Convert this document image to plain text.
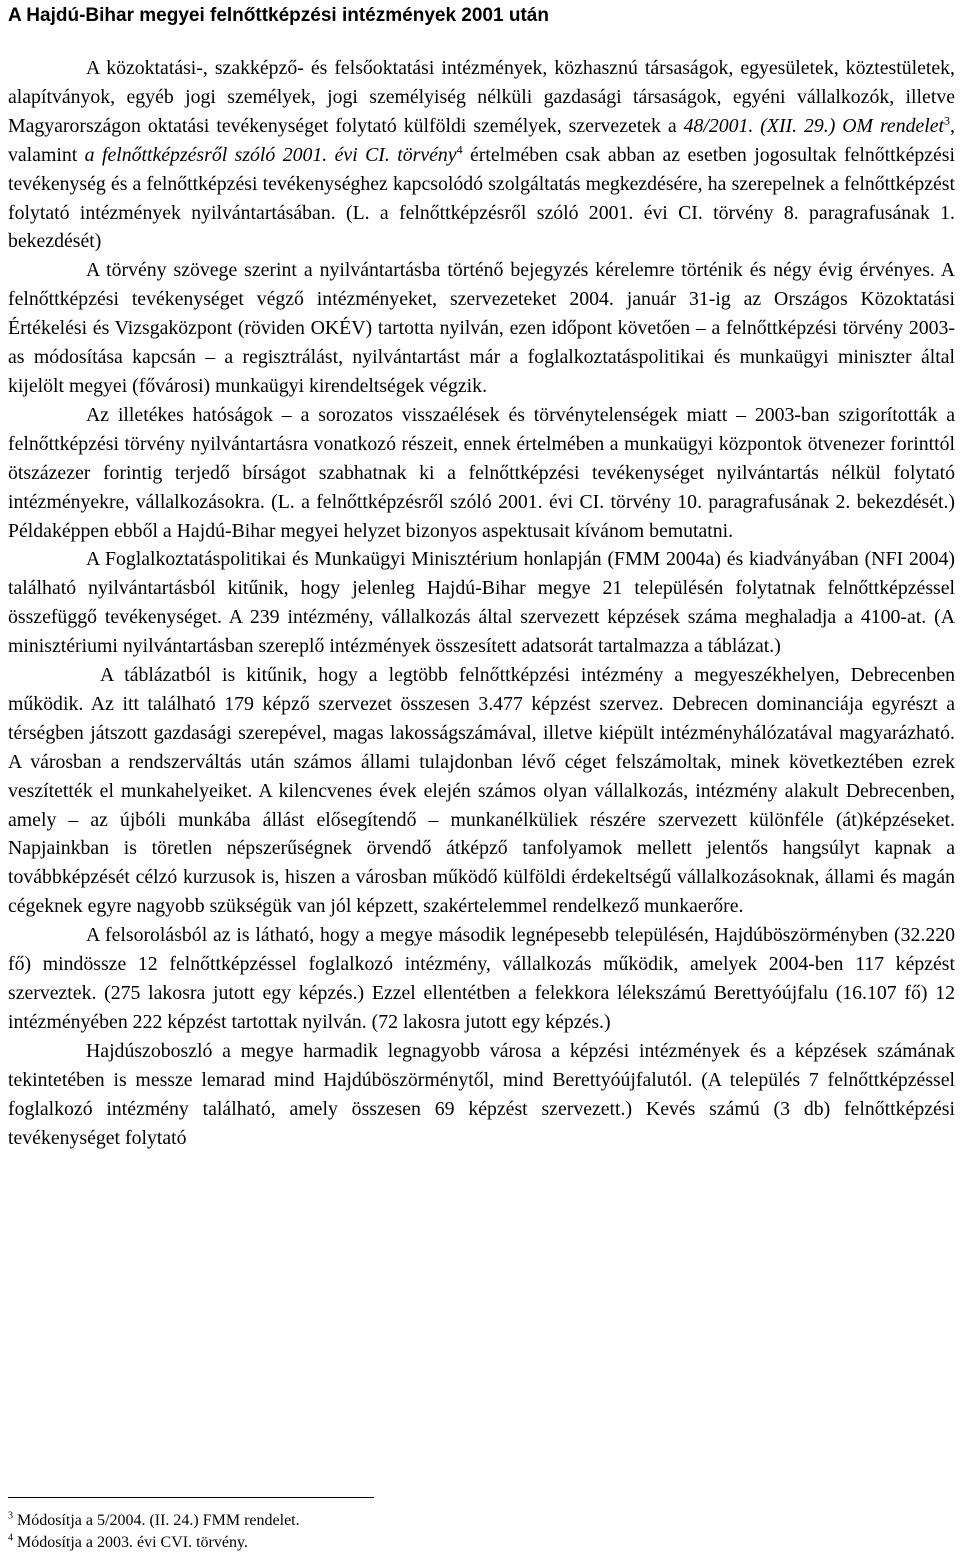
A Hajdú-Bihar megyei felnőttképzési intézmények 2001 után

A közoktatási-, szakképző- és felsőoktatási intézmények, közhasznú társaságok, egyesületek, köztestületek, alapítványok, egyéb jogi személyek, jogi személyiség nélküli gazdasági társaságok, egyéni vállalkozók, illetve Magyarországon oktatási tevékenységet folytató külföldi személyek, szervezetek a 48/2001. (XII. 29.) OM rendelet$^3$, valamint a felnőttképzésről szóló 2001. évi CI. törvény$^4$ értelmében csak abban az esetben jogosultak felnőttképzési tevékenység és a felnőttképzési tevékenységhez kapcsolódó szolgáltatás megkezdésére, ha szerepelnek a felnőttképzést folytató intézmények nyilvántartásában. (L. a felnőttképzésről szóló 2001. évi CI. törvény 8. paragrafusának 1. bekezdését)

A törvény szövege szerint a nyilvántartásba történő bejegyzés kérelemre történik és négy évig érvényes. A felnőttképzési tevékenységet végző intézményeket, szervezeteket 2004. január 31-ig az Országos Közoktatási Értékelési és Vizsgaközpont (röviden OKÉV) tartotta nyilván, ezen időpont követően – a felnőttképzési törvény 2003-as módosítása kapcsán – a regisztrálást, nyilvántartást már a foglalkoztatáspolitikai és munkaügyi miniszter által kijelölt megyei (fővárosi) munkaügyi kirendeltségek végzik.

Az illetékes hatóságok – a sorozatos visszaélések és törvénytelenségek miatt – 2003-ban szigorították a felnőttképzési törvény nyilvántartásra vonatkozó részeit, ennek értelmében a munkaügyi központok ötvenezer forinttól ötszázezer forintig terjedő bírságot szabhatnak ki a felnőttképzési tevékenységet nyilvántartás nélkül folytató intézményekre, vállalkozásokra. (L. a felnőttképzésről szóló 2001. évi CI. törvény 10. paragrafusának 2. bekezdését.) Példaképpen ebből a Hajdú-Bihar megyei helyzet bizonyos aspektusait kívánom bemutatni.

A Foglalkoztatáspolitikai és Munkaügyi Minisztérium honlapján (FMM 2004a) és kiadványában (NFI 2004) található nyilvántartásból kitűnik, hogy jelenleg Hajdú-Bihar megye 21 településén folytatnak felnőttképzéssel összefüggő tevékenységet. A 239 intézmény, vállalkozás által szervezett képzések száma meghaladja a 4100-at. (A minisztériumi nyilvántartásban szereplő intézmények összesített adatsorát tartalmazza a táblázat.)

A táblázatból is kitűnik, hogy a legtöbb felnőttképzési intézmény a megyeszékhelyen, Debrecenben működik. Az itt található 179 képző szervezet összesen 3.477 képzést szervez. Debrecen dominanciája egyrészt a térségben játszott gazdasági szerepével, magas lakosságszámával, illetve kiépült intézményhálózatával magyarázható. A városban a rendszerváltás után számos állami tulajdonban lévő céget felszámoltak, minek következtében ezrek veszítették el munkahelyeiket. A kilencvenes évek elején számos olyan vállalkozás, intézmény alakult Debrecenben, amely – az újbóli munkába állást elősegítendő – munkanélküliek részére szervezett különféle (át)képzéseket. Napjainkban is töretlen népszerűségnek örvendő átképző tanfolyamok mellett jelentős hangsúlyt kapnak a továbbképzését célzó kurzusok is, hiszen a városban működő külföldi érdekeltségű vállalkozásoknak, állami és magán cégeknek egyre nagyobb szükségük van jól képzett, szakértelemmel rendelkező munkaerőre.

A felsorolásból az is látható, hogy a megye második legnépesebb településén, Hajdúböszörményben (32.220 fő) mindössze 12 felnőttképzéssel foglalkozó intézmény, vállalkozás működik, amelyek 2004-ben 117 képzést szerveztek. (275 lakosra jutott egy képzés.) Ezzel ellentétben a felekkora lélekszámú Berettyóújfalu (16.107 fő) 12 intézményében 222 képzést tartottak nyilván. (72 lakosra jutott egy képzés.)

Hajdúszoboszló a megye harmadik legnagyobb városa a képzési intézmények és a képzések számának tekintetében is messze lemarad mind Hajdúböszörménytől, mind Berettyóújfalutól. (A település 7 felnőttképzéssel foglalkozó intézmény található, amely összesen 69 képzést szervezett.) Kevés számú (3 db) felnőttképzési tevékenységet folytató

$^3$ Módosítja a 5/2004. (II. 24.) FMM rendelet.

$^4$ Módosítja a 2003. évi CVI. törvény.
